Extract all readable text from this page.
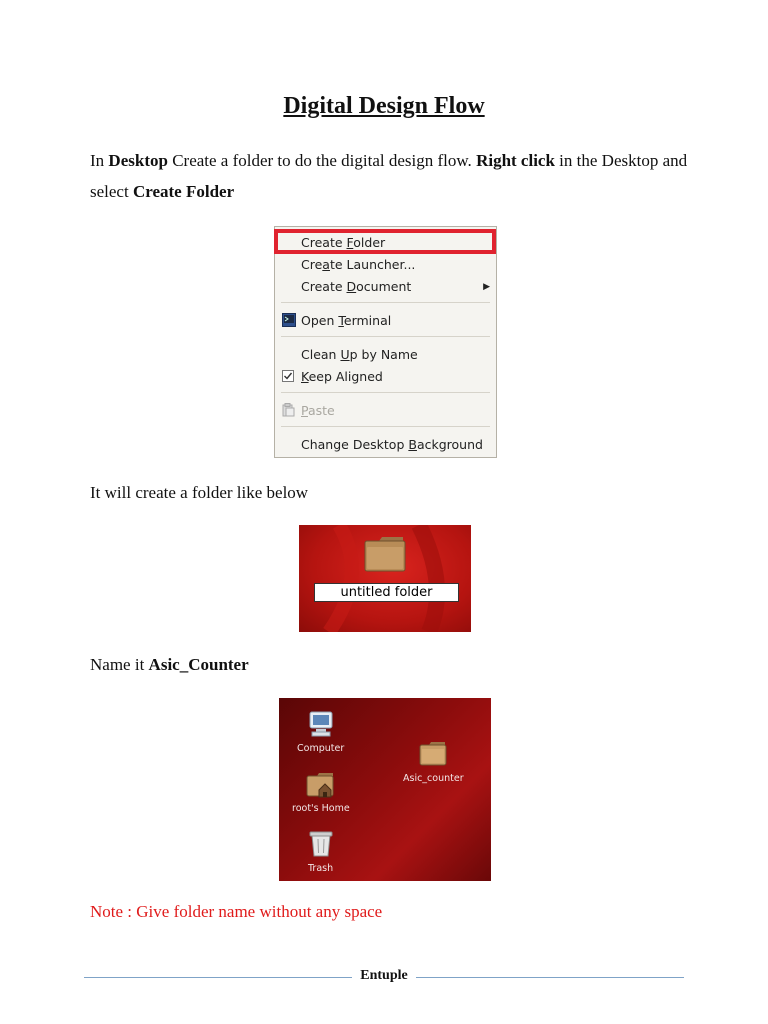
Digital Design Flow

In Desktop Create a folder to do the digital design flow. Right click in the Desktop and select Create Folder

Create Folder
Create Launcher...
Create Document	▶
Open Terminal
Clean Up by Name
Keep Aligned
Paste
Change Desktop Background

It will create a folder like below

untitled folder

Name it Asic_Counter

Computer
root's Home
Trash
Asic_counter
Note : Give folder name without any space
Entuple
